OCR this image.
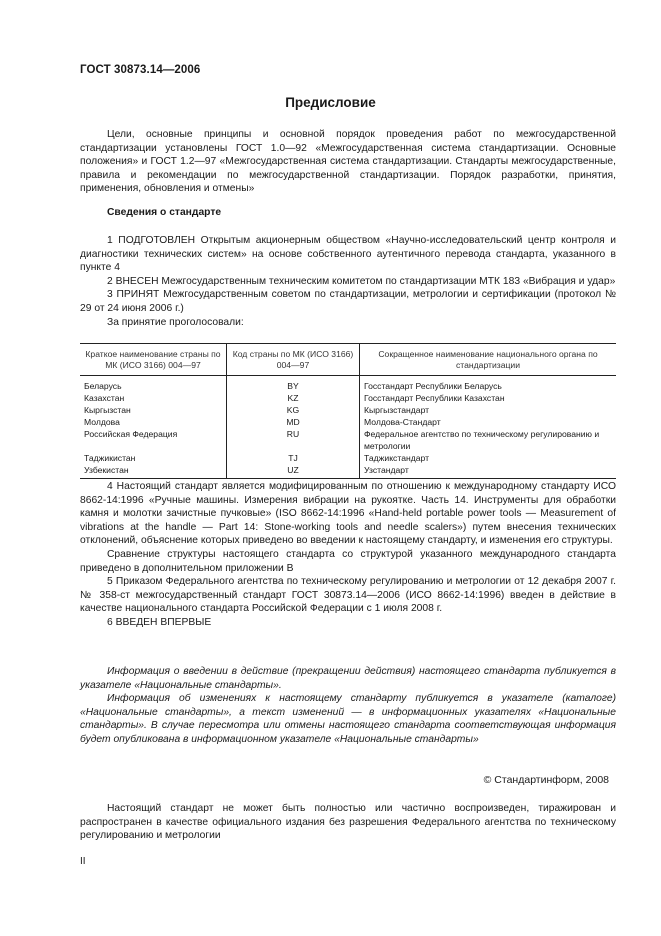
ГОСТ 30873.14—2006
Предисловие

Цели, основные принципы и основной порядок проведения работ по межгосударственной стандартизации установлены ГОСТ 1.0—92 «Межгосударственная система стандартизации. Основные положения» и ГОСТ 1.2—97 «Межгосударственная система стандартизации. Стандарты межгосударственные, правила и рекомендации по межгосударственной стандартизации. Порядок разработки, принятия, применения, обновления и отмены»

Сведения о стандарте

1 ПОДГОТОВЛЕН Открытым акционерным обществом «Научно-исследовательский центр контроля и диагностики технических систем» на основе собственного аутентичного перевода стандарта, указанного в пункте 4

2 ВНЕСЕН Межгосударственным техническим комитетом по стандартизации МТК 183 «Вибрация и удар»

3 ПРИНЯТ Межгосударственным советом по стандартизации, метрологии и сертификации (протокол № 29 от 24 июня 2006 г.)

За принятие проголосовали:

Краткое наименование страны по МК (ИСО 3166) 004—97	Код страны по МК (ИСО 3166) 004—97	Сокращенное наименование национального органа по стандартизации
Беларусь	BY	Госстандарт Республики Беларусь
Казахстан	KZ	Госстандарт Республики Казахстан
Кыргызстан	KG	Кыргызстандарт
Молдова	MD	Молдова-Стандарт
Российская Федерация	RU	Федеральное агентство по техническому регулированию и метрологии
Таджикистан	TJ	Таджикстандарт
Узбекистан	UZ	Узстандарт

4 Настоящий стандарт является модифицированным по отношению к международному стандарту ИСО 8662-14:1996 «Ручные машины. Измерения вибрации на рукоятке. Часть 14. Инструменты для обработки камня и молотки зачистные пучковые» (ISO 8662-14:1996 «Hand-held portable power tools — Measurement of vibrations at the handle — Part 14: Stone-working tools and needle scalers») путем внесения технических отклонений, объяснение которых приведено во введении к настоящему стандарту, и изменения его структуры.

Сравнение структуры настоящего стандарта со структурой указанного международного стандарта приведено в дополнительном приложении В

5 Приказом Федерального агентства по техническому регулированию и метрологии от 12 декабря 2007 г. № 358-ст межгосударственный стандарт ГОСТ 30873.14—2006 (ИСО 8662-14:1996) введен в действие в качестве национального стандарта Российской Федерации с 1 июля 2008 г.

6 ВВЕДЕН ВПЕРВЫЕ

Информация о введении в действие (прекращении действия) настоящего стандарта публикуется в указателе «Национальные стандарты».

Информация об изменениях к настоящему стандарту публикуется в указателе (каталоге) «Национальные стандарты», а текст изменений — в информационных указателях «Национальные стандарты». В случае пересмотра или отмены настоящего стандарта соответствующая информация будет опубликована в информационном указателе «Национальные стандарты»

© Стандартинформ, 2008

Настоящий стандарт не может быть полностью или частично воспроизведен, тиражирован и распространен в качестве официального издания без разрешения Федерального агентства по техническому регулированию и метрологии

II
